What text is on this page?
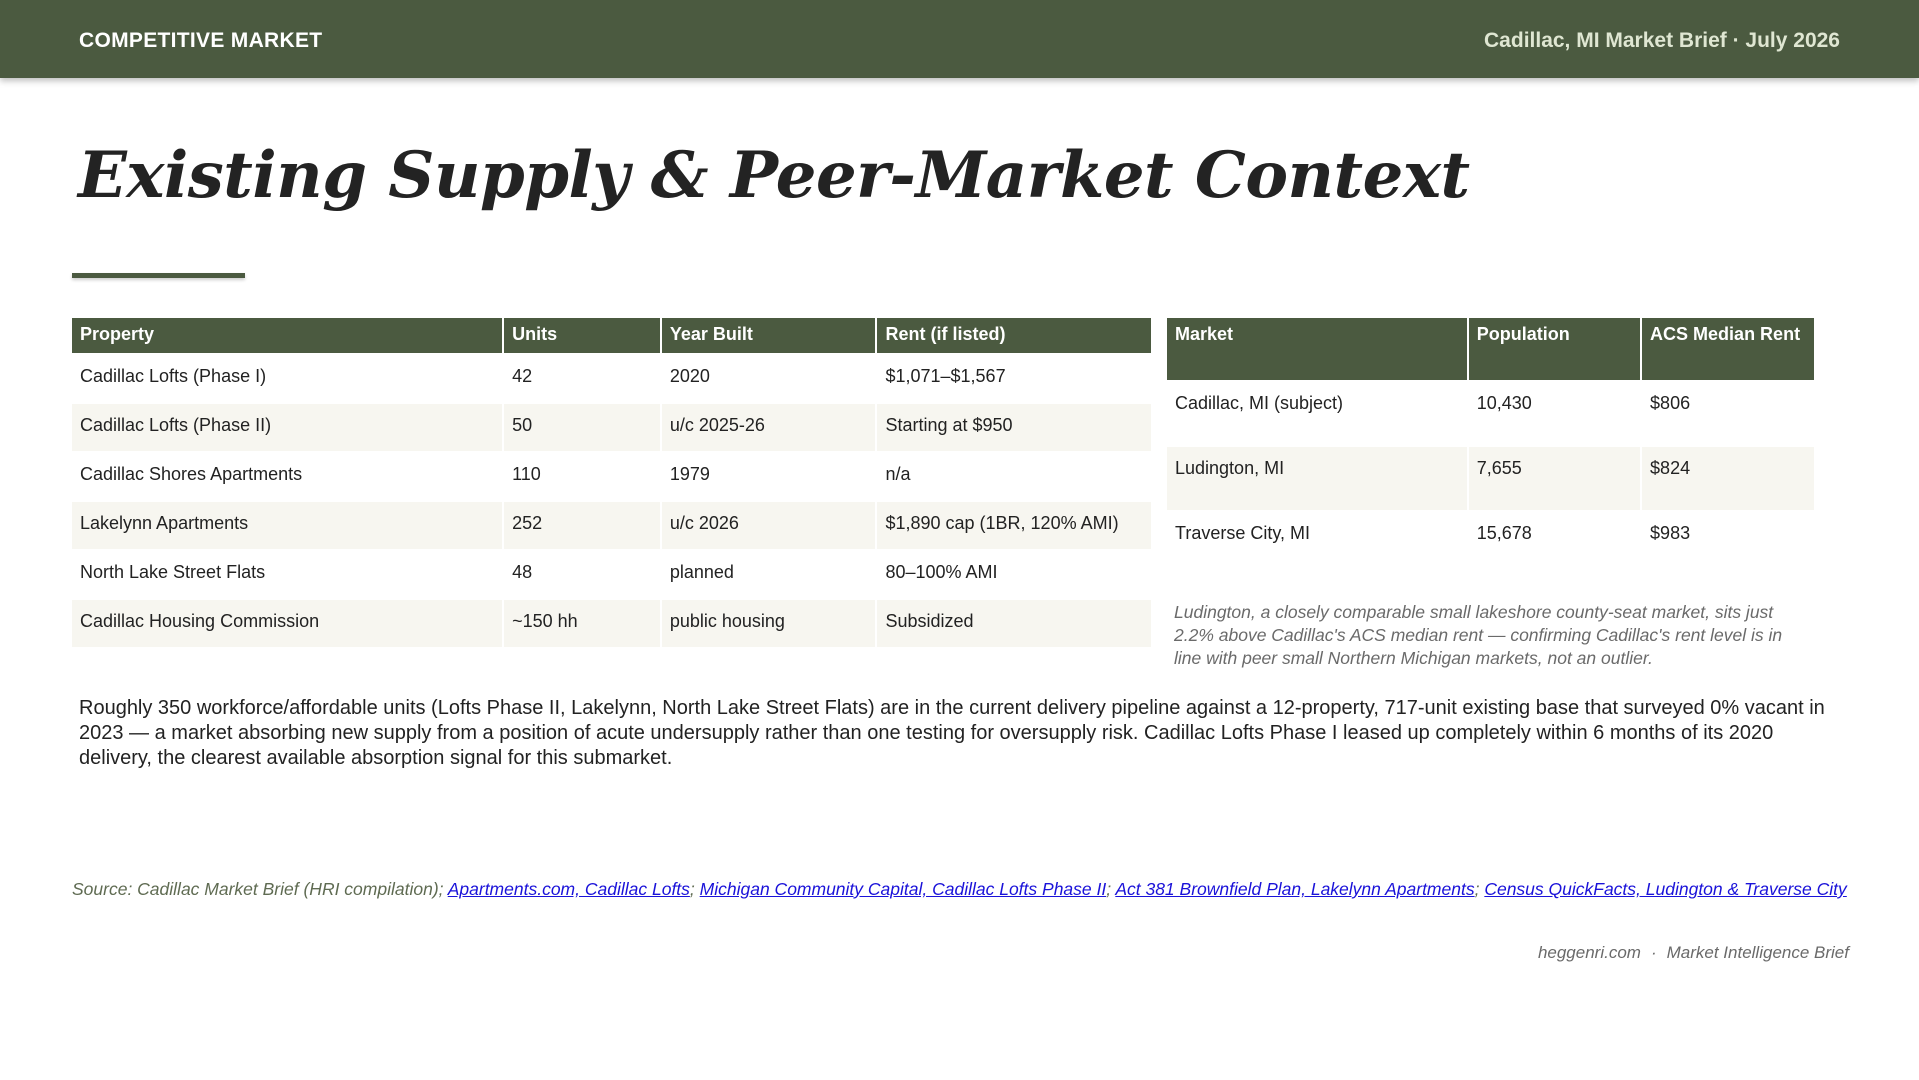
COMPETITIVE MARKET	Cadillac, MI Market Brief · July 2026
Existing Supply & Peer-Market Context
Property	Units	Year Built	Rent (if listed)
Cadillac Lofts (Phase I)	42	2020	$1,071–$1,567
Cadillac Lofts (Phase II)	50	u/c 2025-26	Starting at $950
Cadillac Shores Apartments	110	1979	n/a
Lakelynn Apartments	252	u/c 2026	$1,890 cap (1BR, 120% AMI)
North Lake Street Flats	48	planned	80–100% AMI
Cadillac Housing Commission	~150 hh	public housing	Subsidized
Market	Population	ACS Median Rent
Cadillac, MI (subject)	10,430	$806
Ludington, MI	7,655	$824
Traverse City, MI	15,678	$983

Ludington, a closely comparable small lakeshore county-seat market, sits just 2.2% above Cadillac's ACS median rent — confirming Cadillac's rent level is in line with peer small Northern Michigan markets, not an outlier.

Roughly 350 workforce/affordable units (Lofts Phase II, Lakelynn, North Lake Street Flats) are in the current delivery pipeline against a 12-property, 717-unit existing base that surveyed 0% vacant in 2023 — a market absorbing new supply from a position of acute undersupply rather than one testing for oversupply risk. Cadillac Lofts Phase I leased up completely within 6 months of its 2020 delivery, the clearest available absorption signal for this submarket.

Source: Cadillac Market Brief (HRI compilation); Apartments.com, Cadillac Lofts; Michigan Community Capital, Cadillac Lofts Phase II; Act 381 Brownfield Plan, Lakelynn Apartments; Census QuickFacts, Ludington & Traverse City

heggenri.com · Market Intelligence Brief
